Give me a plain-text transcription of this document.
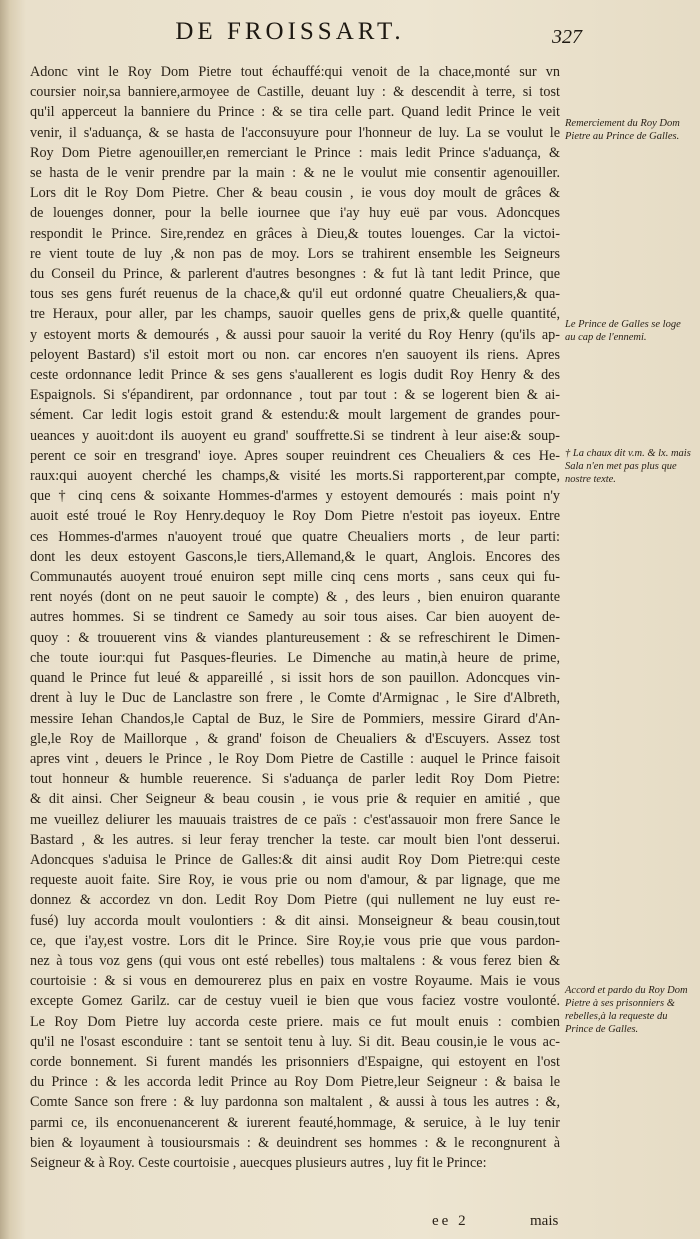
DE FROISSART.	327
Adonc vint le Roy Dom Pietre tout échauffé:qui venoit de la chace,monté sur vn
coursier noir,sa banniere,armoyee de Castille, deuant luy : & descendit à terre, si tost
qu'il apperceut la banniere du Prince : & se tira celle part. Quand ledit Prince le veit
venir, il s'aduança, & se hasta de l'acconsuyure pour l'honneur de luy. La se voulut le
Roy Dom Pietre agenouiller,en remerciant le Prince : mais ledit Prince s'aduança, &
se hasta de le venir prendre par la main : & ne le voulut mie consentir agenouiller.
Lors dit le Roy Dom Pietre. Cher & beau cousin , ie vous doy moult de grâces &
de louenges donner, pour la belle iournee que i'ay huy euë par vous. Adoncques
respondit le Prince. Sire,rendez en grâces à Dieu,& toutes louenges. Car la victoi-
re vient toute de luy ,& non pas de moy. Lors se trahirent ensemble les Seigneurs
du Conseil du Prince, & parlerent d'autres besongnes : & fut là tant ledit Prince, que
tous ses gens furét reuenus de la chace,& qu'il eut ordonné quatre Cheualiers,& qua-
tre Heraux, pour aller, par les champs, sauoir quelles gens de prix,& quelle quantité,
y estoyent morts & demourés , & aussi pour sauoir la verité du Roy Henry (qu'ils ap-
peloyent Bastard) s'il estoit mort ou non. car encores n'en sauoyent ils riens. Apres
ceste ordonnance ledit Prince & ses gens s'auallerent es logis dudit Roy Henry & des
Espaignols. Si s'épandirent, par ordonnance , tout par tout : & se logerent bien & ai-
sément. Car ledit logis estoit grand & estendu:& moult largement de grandes pour-
ueances y auoit:dont ils auoyent eu grand' souffrette.Si se tindrent à leur aise:& soup-
perent ce soir en tresgrand' ioye. Apres souper reuindrent ces Cheualiers & ces He-
raux:qui auoyent cherché les champs,& visité les morts.Si rapporterent,par compte,
que † cinq cens & soixante Hommes-d'armes y estoyent demourés : mais point n'y
auoit esté troué le Roy Henry.dequoy le Roy Dom Pietre n'estoit pas ioyeux. Entre
ces Hommes-d'armes n'auoyent troué que quatre Cheualiers morts , de leur parti:
dont les deux estoyent Gascons,le tiers,Allemand,& le quart, Anglois. Encores des
Communautés auoyent troué enuiron sept mille cinq cens morts , sans ceux qui fu-
rent noyés (dont on ne peut sauoir le compte) & , des leurs , bien enuiron quarante
autres hommes. Si se tindrent ce Samedy au soir tous aises. Car bien auoyent de-
quoy : & trouuerent vins & viandes plantureusement : & se refreschirent le Dimen-
che toute iour:qui fut Pasques-fleuries. Le Dimenche au matin,à heure de prime,
quand le Prince fut leué & appareillé , si issit hors de son pauillon. Adoncques vin-
drent à luy le Duc de Lanclastre son frere , le Comte d'Armignac , le Sire d'Albreth,
messire Iehan Chandos,le Captal de Buz, le Sire de Pommiers, messire Girard d'An-
gle,le Roy de Maillorque , & grand' foison de Cheualiers & d'Escuyers. Assez tost
apres vint , deuers le Prince , le Roy Dom Pietre de Castille : auquel le Prince faisoit
tout honneur & humble reuerence. Si s'aduança de parler ledit Roy Dom Pietre:
& dit ainsi. Cher Seigneur & beau cousin , ie vous prie & requier en amitié , que
me vueillez deliurer les mauuais traistres de ce païs : c'est'assauoir mon frere Sance le
Bastard , & les autres. si leur feray trencher la teste. car moult bien l'ont desserui.
Adoncques s'aduisa le Prince de Galles:& dit ainsi audit Roy Dom Pietre:qui ceste
requeste auoit faite. Sire Roy, ie vous prie ou nom d'amour, & par lignage, que me
donnez & accordez vn don. Ledit Roy Dom Pietre (qui nullement ne luy eust re-
fusé) luy accorda moult voulontiers : & dit ainsi. Monseigneur & beau cousin,tout
ce, que i'ay,est vostre. Lors dit le Prince. Sire Roy,ie vous prie que vous pardon-
nez à tous voz gens (qui vous ont esté rebelles) tous maltalens : & vous ferez bien &
courtoisie : & si vous en demourerez plus en paix en vostre Royaume. Mais ie vous
excepte Gomez Garilz. car de cestuy vueil ie bien que vous faciez vostre voulonté.
Le Roy Dom Pietre luy accorda ceste priere. mais ce fut moult enuis : combien
qu'il ne l'osast esconduire : tant se sentoit tenu à luy. Si dit. Beau cousin,ie le vous ac-
corde bonnement. Si furent mandés les prisonniers d'Espaigne, qui estoyent en l'ost
du Prince : & les accorda ledit Prince au Roy Dom Pietre,leur Seigneur : & baisa le
Comte Sance son frere : & luy pardonna son maltalent , & aussi à tous les autres : &,
parmi ce, ils enconuenancerent & iurerent feauté,hommage, & seruice, à le luy tenir
bien & loyaument à tousioursmais : & deuindrent ses hommes : & le recongnurent à
Seigneur & à Roy. Ceste courtoisie , auecques plusieurs autres , luy fit le Prince:
Remerciement du Roy Dom Pietre au Prince de Galles.
Le Prince de Galles se loge au cap de l'ennemi.
† La chaux dit v.m. & lx. mais Sala n'en met pas plus que nostre texte.
Accord et pardo du Roy Dom Pietre à ses prisonniers & rebelles,à la requeste du Prince de Galles.
ee 2	mais
